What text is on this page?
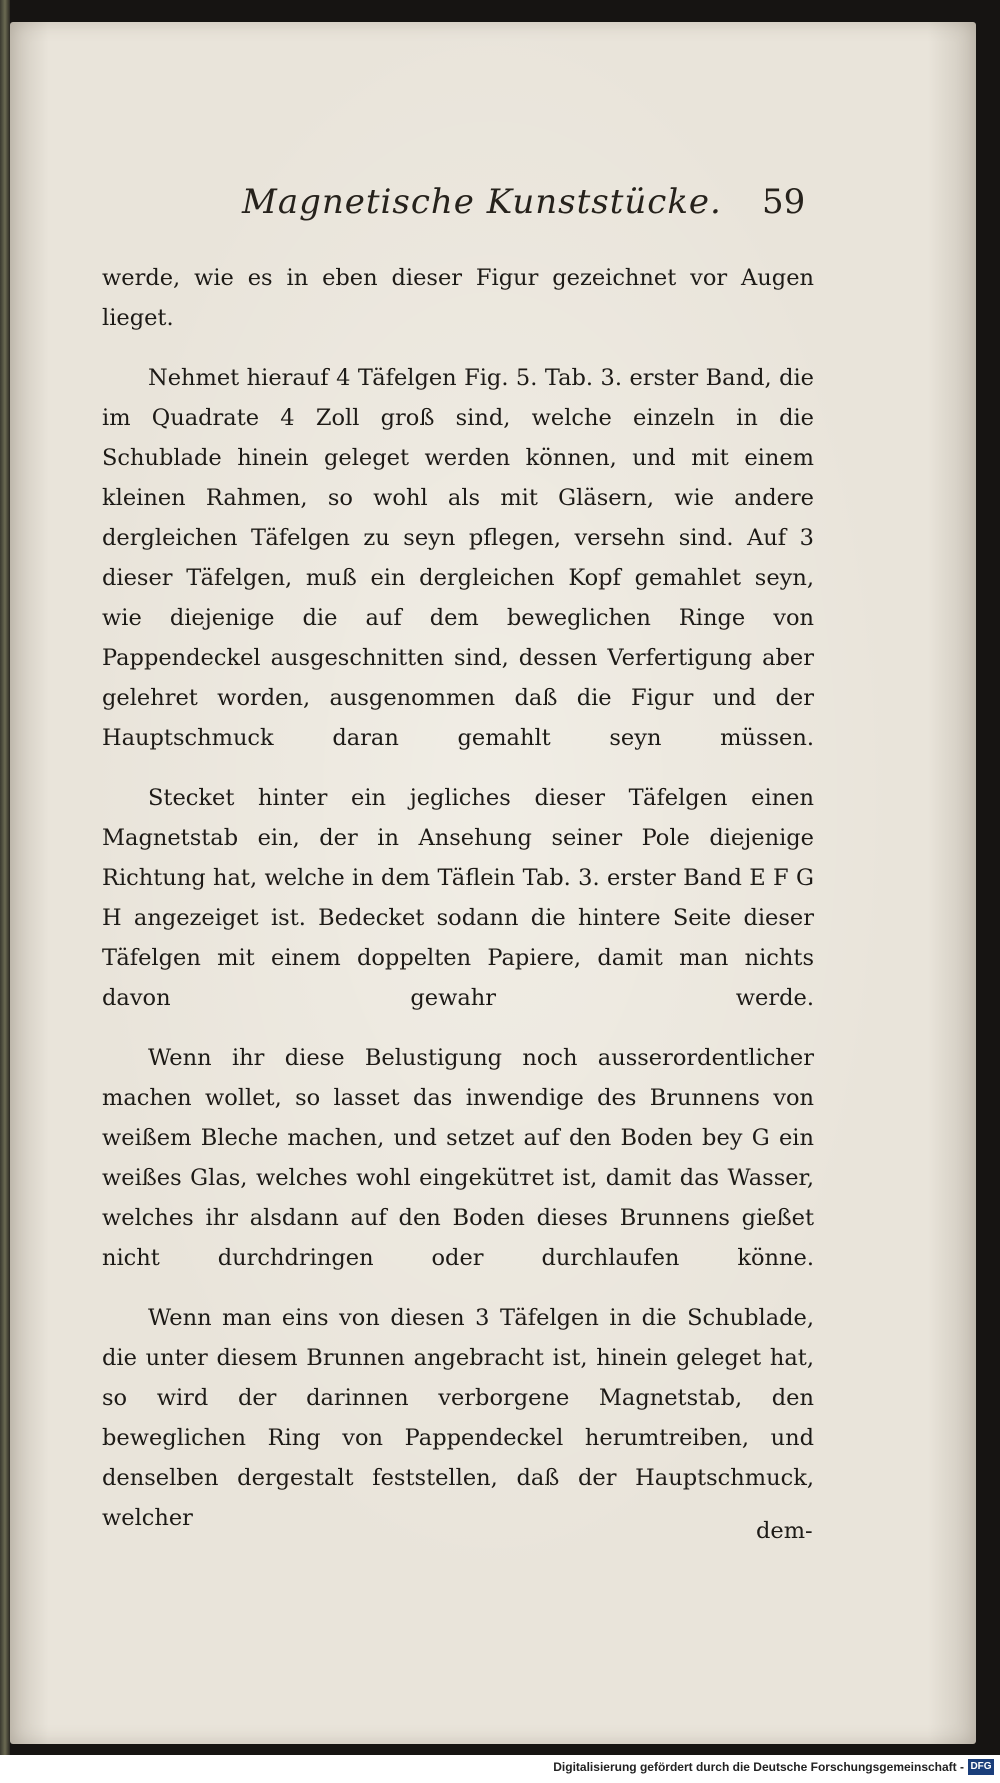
Magnetische Kunststücke. 59

werde, wie es in eben dieser Figur gezeichnet vor Augen lieget.

Nehmet hierauf 4 Täfelgen Fig. 5. Tab. 3. erster Band, die im Quadrate 4 Zoll groß sind, welche einzeln in die Schublade hinein geleget werden können, und mit einem kleinen Rahmen, so wohl als mit Gläsern, wie andere dergleichen Täfelgen zu seyn pflegen, versehn sind. Auf 3 dieser Täfelgen, muß ein dergleichen Kopf gemahlet seyn, wie diejenige die auf dem beweglichen Ringe von Pappendeckel ausgeschnitten sind, dessen Verfertigung aber gelehret worden, ausgenommen daß die Figur und der Hauptschmuck daran gemahlt seyn müssen.

Stecket hinter ein jegliches dieser Täfelgen einen Magnetstab ein, der in Ansehung seiner Pole diejenige Richtung hat, welche in dem Täflein Tab. 3. erster Band E F G H angezeiget ist. Bedecket sodann die hintere Seite dieser Täfelgen mit einem doppelten Papiere, damit man nichts davon gewahr werde.

Wenn ihr diese Belustigung noch ausserordentlicher machen wollet, so lasset das inwendige des Brunnens von weißem Bleche machen, und setzet auf den Boden bey G ein weißes Glas, welches wohl eingekütтet ist, damit das Wasser, welches ihr alsdann auf den Boden dieses Brunnens gießet nicht durchdringen oder durchlaufen könne.

Wenn man eins von diesen 3 Täfelgen in die Schublade, die unter diesem Brunnen angebracht ist, hinein geleget hat, so wird der darinnen verborgene Magnetstab, den beweglichen Ring von Pappendeckel herumtreiben, und denselben dergestalt feststellen, daß der Hauptschmuck, welcher	dem-
Digitalisierung gefördert durch die Deutsche Forschungsgemeinschaft - DFG
